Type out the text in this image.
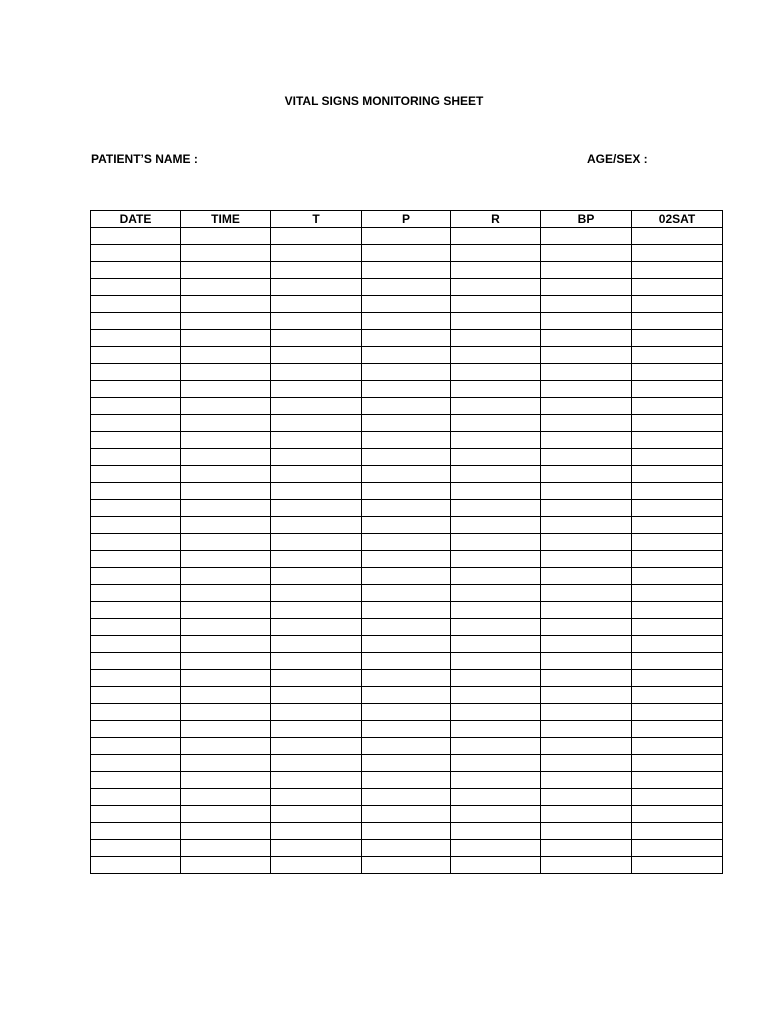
VITAL SIGNS MONITORING SHEET
PATIENT’S NAME :	AGE/SEX :
DATE	TIME	T	P	R	BP	02SAT
